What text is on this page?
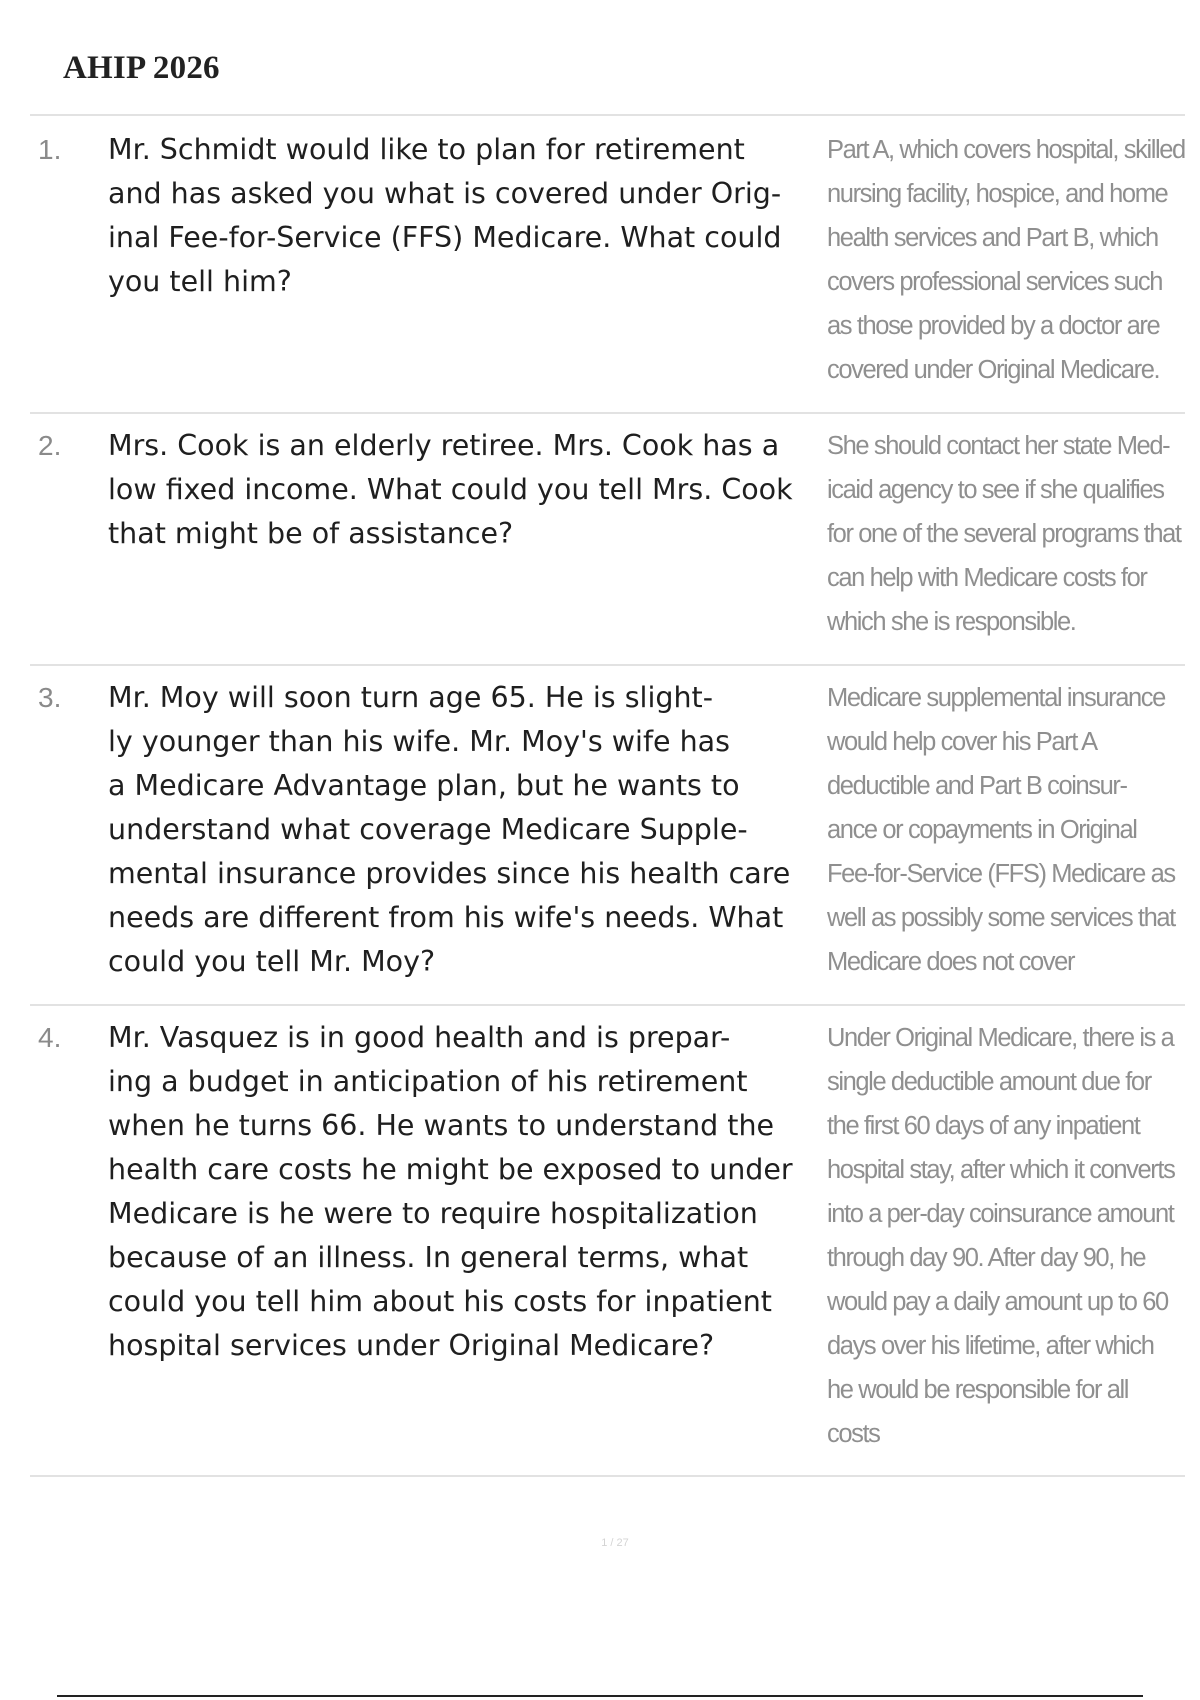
AHIP 2026
1. Mr. Schmidt would like to plan for retirement
and has asked you what is covered under Orig-
inal Fee-for-Service (FFS) Medicare. What could
you tell him?

Part A, which covers hospital, skilled
nursing facility, hospice, and home
health services and Part B, which
covers professional services such
as those provided by a doctor are
covered under Original Medicare.

2. Mrs. Cook is an elderly retiree. Mrs. Cook has a
low fixed income. What could you tell Mrs. Cook
that might be of assistance?

She should contact her state Med-
icaid agency to see if she qualifies
for one of the several programs that
can help with Medicare costs for
which she is responsible.

3. Mr. Moy will soon turn age 65. He is slight-
ly younger than his wife. Mr. Moy's wife has
a Medicare Advantage plan, but he wants to
understand what coverage Medicare Supple-
mental insurance provides since his health care
needs are different from his wife's needs. What
could you tell Mr. Moy?

Medicare supplemental insurance
would help cover his Part A
deductible and Part B coinsur-
ance or copayments in Original
Fee-for-Service (FFS) Medicare as
well as possibly some services that
Medicare does not cover

4. Mr. Vasquez is in good health and is prepar-
ing a budget in anticipation of his retirement
when he turns 66. He wants to understand the
health care costs he might be exposed to under
Medicare is he were to require hospitalization
because of an illness. In general terms, what
could you tell him about his costs for inpatient
hospital services under Original Medicare?

Under Original Medicare, there is a
single deductible amount due for
the first 60 days of any inpatient
hospital stay, after which it converts
into a per-day coinsurance amount
through day 90. After day 90, he
would pay a daily amount up to 60
days over his lifetime, after which
he would be responsible for all
costs

1 / 27
